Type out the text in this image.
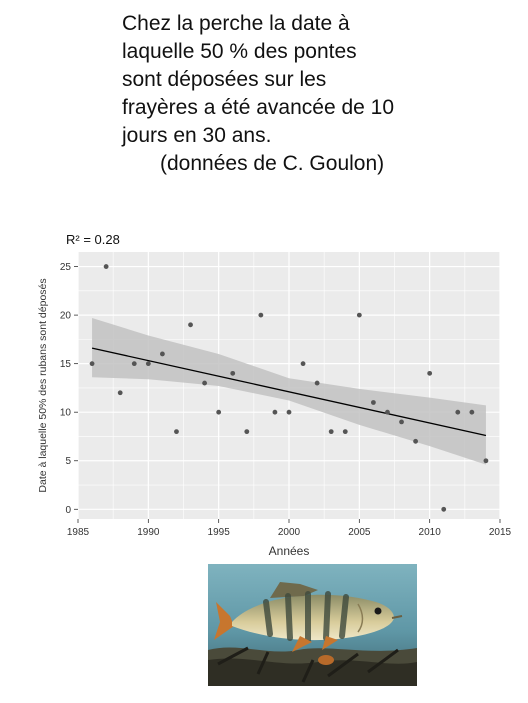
Chez la perche la date à
laquelle 50 % des pontes
sont déposées sur les
frayères a été avancée de 10
jours en 30 ans.
(données de C. Goulon)
1985	1990	1995	2000	2005	2010	2015
0
5
10
15
20
25
R² = 0.28
Années
Date à laquelle 50% des rubans sont déposés
